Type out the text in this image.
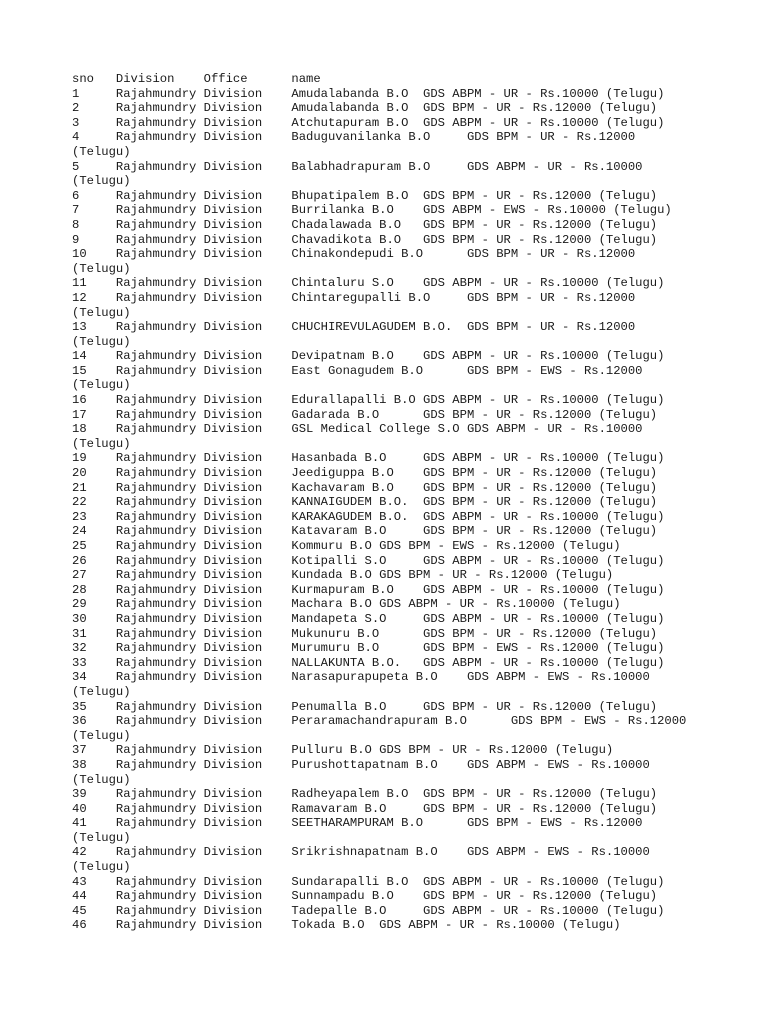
sno   Division    Office      name
1     Rajahmundry Division    Amudalabanda B.O  GDS ABPM - UR - Rs.10000 (Telugu)
2     Rajahmundry Division    Amudalabanda B.O  GDS BPM - UR - Rs.12000 (Telugu)
3     Rajahmundry Division    Atchutapuram B.O  GDS ABPM - UR - Rs.10000 (Telugu)
4     Rajahmundry Division    Baduguvanilanka B.O     GDS BPM - UR - Rs.12000
(Telugu)
5     Rajahmundry Division    Balabhadrapuram B.O     GDS ABPM - UR - Rs.10000
(Telugu)
6     Rajahmundry Division    Bhupatipalem B.O  GDS BPM - UR - Rs.12000 (Telugu)
7     Rajahmundry Division    Burrilanka B.O    GDS ABPM - EWS - Rs.10000 (Telugu)
8     Rajahmundry Division    Chadalawada B.O   GDS BPM - UR - Rs.12000 (Telugu)
9     Rajahmundry Division    Chavadikota B.O   GDS BPM - UR - Rs.12000 (Telugu)
10    Rajahmundry Division    Chinakondepudi B.O      GDS BPM - UR - Rs.12000
(Telugu)
11    Rajahmundry Division    Chintaluru S.O    GDS ABPM - UR - Rs.10000 (Telugu)
12    Rajahmundry Division    Chintaregupalli B.O     GDS BPM - UR - Rs.12000
(Telugu)
13    Rajahmundry Division    CHUCHIREVULAGUDEM B.O.  GDS BPM - UR - Rs.12000
(Telugu)
14    Rajahmundry Division    Devipatnam B.O    GDS ABPM - UR - Rs.10000 (Telugu)
15    Rajahmundry Division    East Gonagudem B.O      GDS BPM - EWS - Rs.12000
(Telugu)
16    Rajahmundry Division    Edurallapalli B.O GDS ABPM - UR - Rs.10000 (Telugu)
17    Rajahmundry Division    Gadarada B.O      GDS BPM - UR - Rs.12000 (Telugu)
18    Rajahmundry Division    GSL Medical College S.O GDS ABPM - UR - Rs.10000
(Telugu)
19    Rajahmundry Division    Hasanbada B.O     GDS ABPM - UR - Rs.10000 (Telugu)
20    Rajahmundry Division    Jeediguppa B.O    GDS BPM - UR - Rs.12000 (Telugu)
21    Rajahmundry Division    Kachavaram B.O    GDS BPM - UR - Rs.12000 (Telugu)
22    Rajahmundry Division    KANNAIGUDEM B.O.  GDS BPM - UR - Rs.12000 (Telugu)
23    Rajahmundry Division    KARAKAGUDEM B.O.  GDS ABPM - UR - Rs.10000 (Telugu)
24    Rajahmundry Division    Katavaram B.O     GDS BPM - UR - Rs.12000 (Telugu)
25    Rajahmundry Division    Kommuru B.O GDS BPM - EWS - Rs.12000 (Telugu)
26    Rajahmundry Division    Kotipalli S.O     GDS ABPM - UR - Rs.10000 (Telugu)
27    Rajahmundry Division    Kundada B.O GDS BPM - UR - Rs.12000 (Telugu)
28    Rajahmundry Division    Kurmapuram B.O    GDS ABPM - UR - Rs.10000 (Telugu)
29    Rajahmundry Division    Machara B.O GDS ABPM - UR - Rs.10000 (Telugu)
30    Rajahmundry Division    Mandapeta S.O     GDS ABPM - UR - Rs.10000 (Telugu)
31    Rajahmundry Division    Mukunuru B.O      GDS BPM - UR - Rs.12000 (Telugu)
32    Rajahmundry Division    Murumuru B.O      GDS BPM - EWS - Rs.12000 (Telugu)
33    Rajahmundry Division    NALLAKUNTA B.O.   GDS ABPM - UR - Rs.10000 (Telugu)
34    Rajahmundry Division    Narasapurapupeta B.O    GDS ABPM - EWS - Rs.10000
(Telugu)
35    Rajahmundry Division    Penumalla B.O     GDS BPM - UR - Rs.12000 (Telugu)
36    Rajahmundry Division    Peraramachandrapuram B.O      GDS BPM - EWS - Rs.12000
(Telugu)
37    Rajahmundry Division    Pulluru B.O GDS BPM - UR - Rs.12000 (Telugu)
38    Rajahmundry Division    Purushottapatnam B.O    GDS ABPM - EWS - Rs.10000
(Telugu)
39    Rajahmundry Division    Radheyapalem B.O  GDS BPM - UR - Rs.12000 (Telugu)
40    Rajahmundry Division    Ramavaram B.O     GDS BPM - UR - Rs.12000 (Telugu)
41    Rajahmundry Division    SEETHARAMPURAM B.O      GDS BPM - EWS - Rs.12000
(Telugu)
42    Rajahmundry Division    Srikrishnapatnam B.O    GDS ABPM - EWS - Rs.10000
(Telugu)
43    Rajahmundry Division    Sundarapalli B.O  GDS ABPM - UR - Rs.10000 (Telugu)
44    Rajahmundry Division    Sunnampadu B.O    GDS BPM - UR - Rs.12000 (Telugu)
45    Rajahmundry Division    Tadepalle B.O     GDS ABPM - UR - Rs.10000 (Telugu)
46    Rajahmundry Division    Tokada B.O  GDS ABPM - UR - Rs.10000 (Telugu)
